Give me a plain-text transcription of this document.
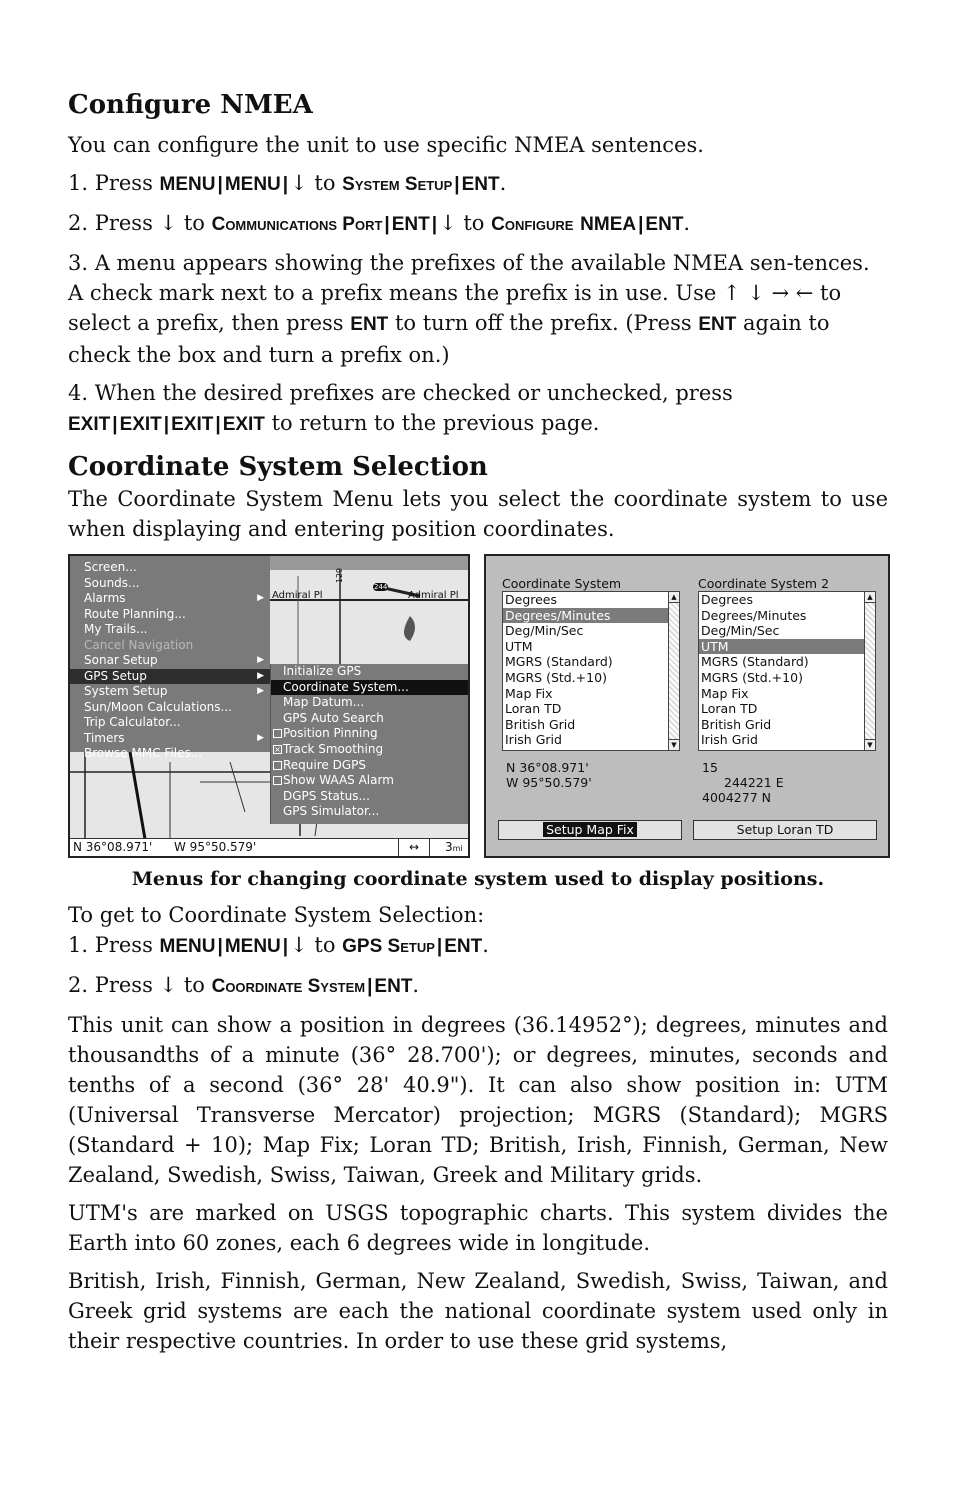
Configure NMEA

You can configure the unit to use specific NMEA sentences.

1. Press MENU | MENU |↓ to System Setup | ENT.

2. Press ↓ to Communications Port | ENT |↓ to Configure NMEA | ENT.

3. A menu appears showing the prefixes of the available NMEA sen-tences. A check mark next to a prefix means the prefix is in use. Use ↑ ↓ → ← to select a prefix, then press ENT to turn off the prefix. (Press ENT again to check the box and turn a prefix on.)

4. When the desired prefixes are checked or unchecked, press
EXIT | EXIT | EXIT | EXIT to return to the previous page.

Coordinate System Selection

The Coordinate System Menu lets you select the coordinate system to use when displaying and entering position coordinates.

Admiral Pl	Admiral Pl
244
129
Screen...
Sounds...
Alarms	▶
Route Planning...
My Trails...
Cancel Navigation
Sonar Setup	▶
GPS Setup	▶
System Setup	▶
Sun/Moon Calculations...
Trip Calculator...
Timers	▶
Browse MMC Files...
Initialize GPS
Coordinate System...
Map Datum...
GPS Auto Search
Position Pinning
× Track Smoothing
Require DGPS
Show WAAS Alarm
DGPS Status...
GPS Simulator...
N 36°08.971' W 95°50.579'	↔	3mi
Coordinate System	Coordinate System 2
Degrees
Degrees/Minutes
Deg/Min/Sec
UTM
MGRS (Standard)
MGRS (Std.+10)
Map Fix
Loran TD
British Grid
Irish Grid
▲
▼
Degrees
Degrees/Minutes
Deg/Min/Sec
UTM
MGRS (Standard)
MGRS (Std.+10)
Map Fix
Loran TD
British Grid
Irish Grid
▲
▼
N 36°08.971'
W 95°50.579'
15
244221 E
4004277 N
Setup Map Fix	Setup Loran TD

Menus for changing coordinate system used to display positions.

To get to Coordinate System Selection:

1. Press MENU | MENU |↓ to GPS Setup | ENT.

2. Press ↓ to Coordinate System | ENT.

This unit can show a position in degrees (36.14952°); degrees, minutes and thousandths of a minute (36° 28.700'); or degrees, minutes, seconds and tenths of a second (36° 28' 40.9"). It can also show position in: UTM (Universal Transverse Mercator) projection; MGRS (Standard); MGRS (Standard + 10); Map Fix; Loran TD; British, Irish, Finnish, German, New Zealand, Swedish, Swiss, Taiwan, Greek and Military grids.

UTM's are marked on USGS topographic charts. This system divides the Earth into 60 zones, each 6 degrees wide in longitude.

British, Irish, Finnish, German, New Zealand, Swedish, Swiss, Taiwan, and Greek grid systems are each the national coordinate system used only in their respective countries. In order to use these grid systems,
